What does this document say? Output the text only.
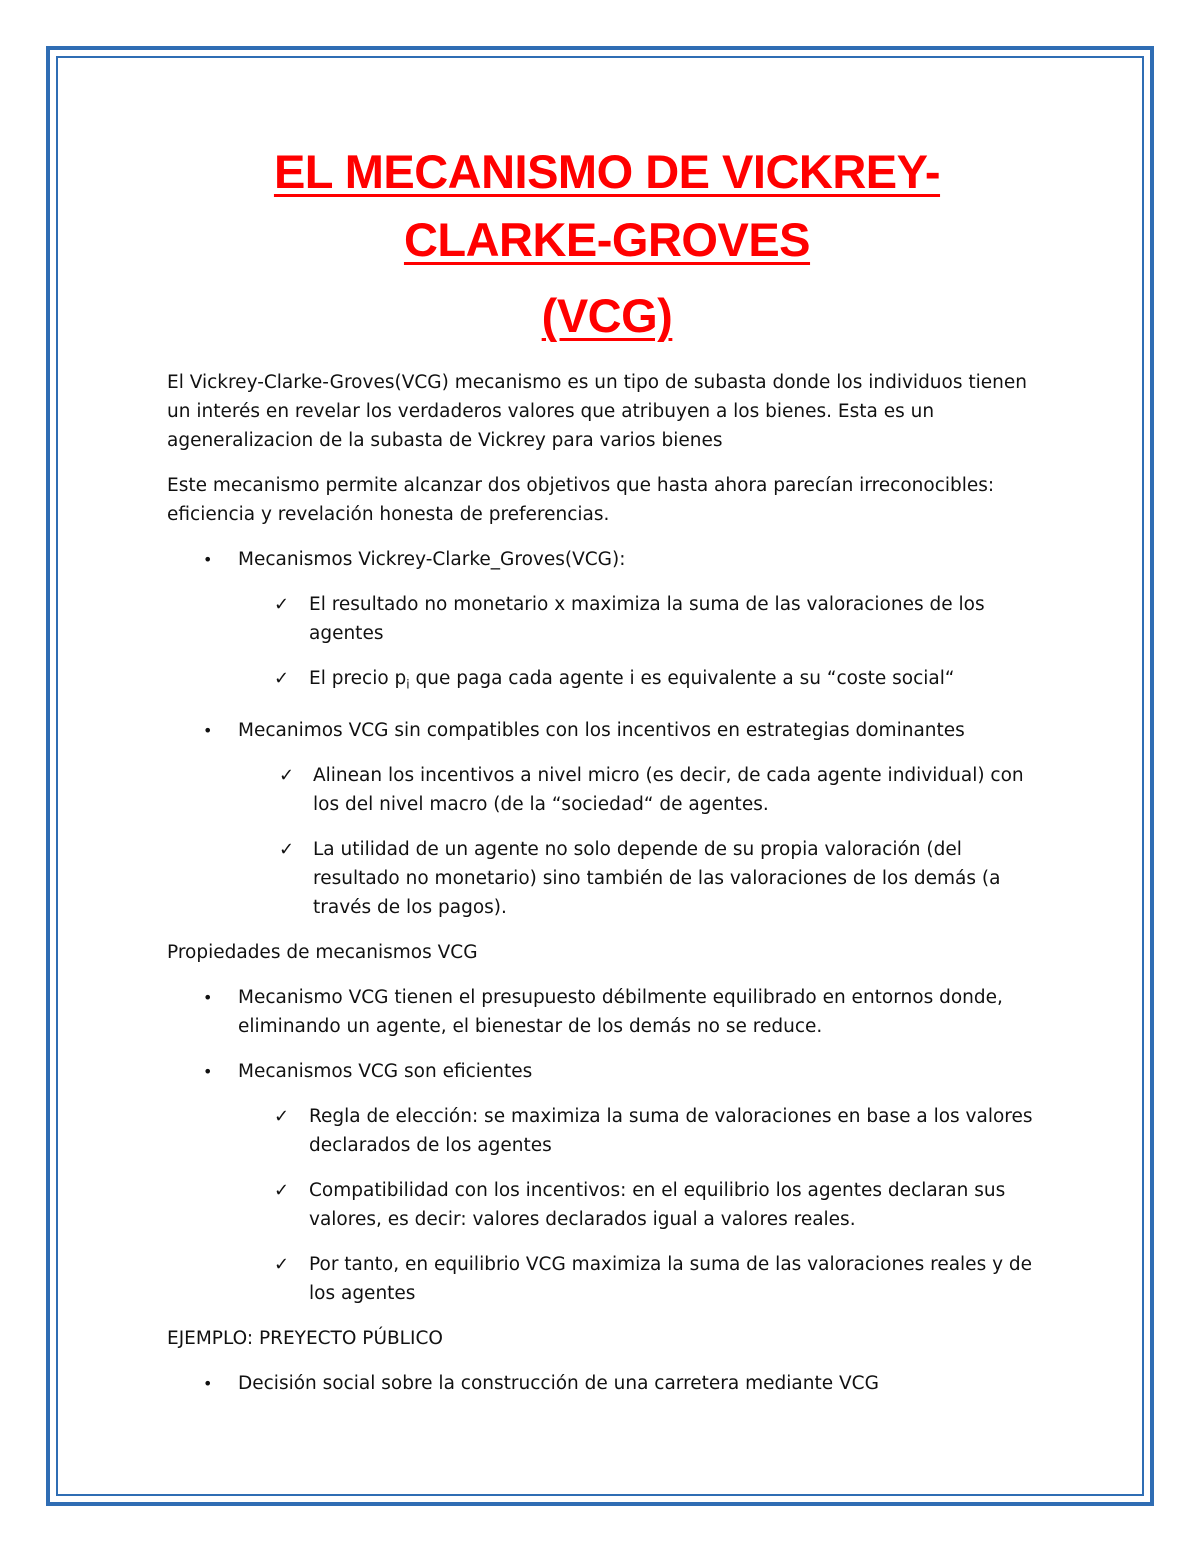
EL MECANISMO DE VICKREY-
CLARKE-GROVES
(VCG)

El Vickrey-Clarke-Groves(VCG) mecanismo es un tipo de subasta donde los individuos tienen un interés en revelar los verdaderos valores que atribuyen a los bienes. Esta es un ageneralizacion de la subasta de Vickrey para varios bienes

Este mecanismo permite alcanzar dos objetivos que hasta ahora parecían irreconocibles: eficiencia y revelación honesta de preferencias.

• Mecanismos Vickrey-Clarke_Groves(VCG):
✓ El resultado no monetario x maximiza la suma de las valoraciones de los agentes
✓ El precio $p_i$ que paga cada agente i es equivalente a su “coste social“
• Mecanimos VCG sin compatibles con los incentivos en estrategias dominantes
✓ Alinean los incentivos a nivel micro (es decir, de cada agente individual) con los del nivel macro (de la “sociedad“ de agentes.
✓ La utilidad de un agente no solo depende de su propia valoración (del resultado no monetario) sino también de las valoraciones de los demás (a través de los pagos).

Propiedades de mecanismos VCG

• Mecanismo VCG tienen el presupuesto débilmente equilibrado en entornos donde, eliminando un agente, el bienestar de los demás no se reduce.
• Mecanismos VCG son eficientes
✓ Regla de elección: se maximiza la suma de valoraciones en base a los valores declarados de los agentes
✓ Compatibilidad con los incentivos: en el equilibrio los agentes declaran sus valores, es decir: valores declarados igual a valores reales.
✓ Por tanto, en equilibrio VCG maximiza la suma de las valoraciones reales y de los agentes

EJEMPLO: PREYECTO PÚBLICO

• Decisión social sobre la construcción de una carretera mediante VCG
